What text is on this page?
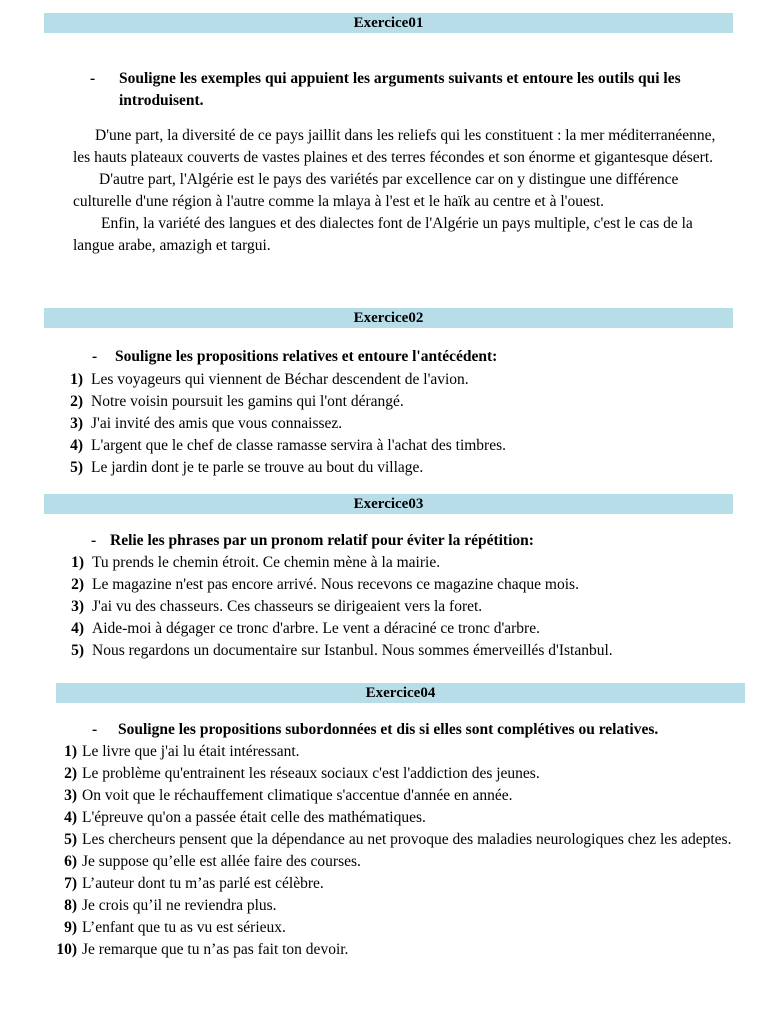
Exercice01
-	Souligne les exemples qui appuient les arguments suivants et entoure les outils qui les introduisent.

D'une part, la diversité de ce pays jaillit dans les reliefs qui les constituent : la mer méditerranéenne, les hauts plateaux couverts de vastes plaines et des terres fécondes et son énorme et gigantesque désert.

D'autre part, l'Algérie est le pays des variétés par excellence car on y distingue une différence culturelle d'une région à l'autre comme la mlaya à l'est et le haïk au centre et à l'ouest.

Enfin, la variété des langues et des dialectes font de l'Algérie un pays multiple, c'est le cas de la langue arabe, amazigh et targui.

Exercice02
-	Souligne les propositions relatives et entoure l'antécédent:
1) Les voyageurs qui viennent de Béchar descendent de l'avion.
2) Notre voisin poursuit les gamins qui l'ont dérangé.
3) J'ai invité des amis que vous connaissez.
4) L'argent que le chef de classe ramasse servira à l'achat des timbres.
5) Le jardin dont je te parle se trouve au bout du village.
Exercice03
- Relie les phrases par un pronom relatif pour éviter la répétition:
1) Tu prends le chemin étroit. Ce chemin mène à la mairie.
2) Le magazine n'est pas encore arrivé. Nous recevons ce magazine chaque mois.
3) J'ai vu des chasseurs. Ces chasseurs se dirigeaient vers la foret.
4) Aide-moi à dégager ce tronc d'arbre. Le vent a déraciné ce tronc d'arbre.
5) Nous regardons un documentaire sur Istanbul. Nous sommes émerveillés d'Istanbul.
Exercice04
-	Souligne les propositions subordonnées et dis si elles sont complétives ou relatives.
1) Le livre que j'ai lu était intéressant.
2) Le problème qu'entrainent les réseaux sociaux c'est l'addiction des jeunes.
3) On voit que le réchauffement climatique s'accentue d'année en année.
4) L'épreuve qu'on a passée était celle des mathématiques.
5) Les chercheurs pensent que la dépendance au net provoque des maladies neurologiques chez les adeptes.
6) Je suppose qu’elle est allée faire des courses.
7) L’auteur dont tu m’as parlé est célèbre.
8) Je crois qu’il ne reviendra plus.
9) L’enfant que tu as vu est sérieux.
10) Je remarque que tu n’as pas fait ton devoir.
